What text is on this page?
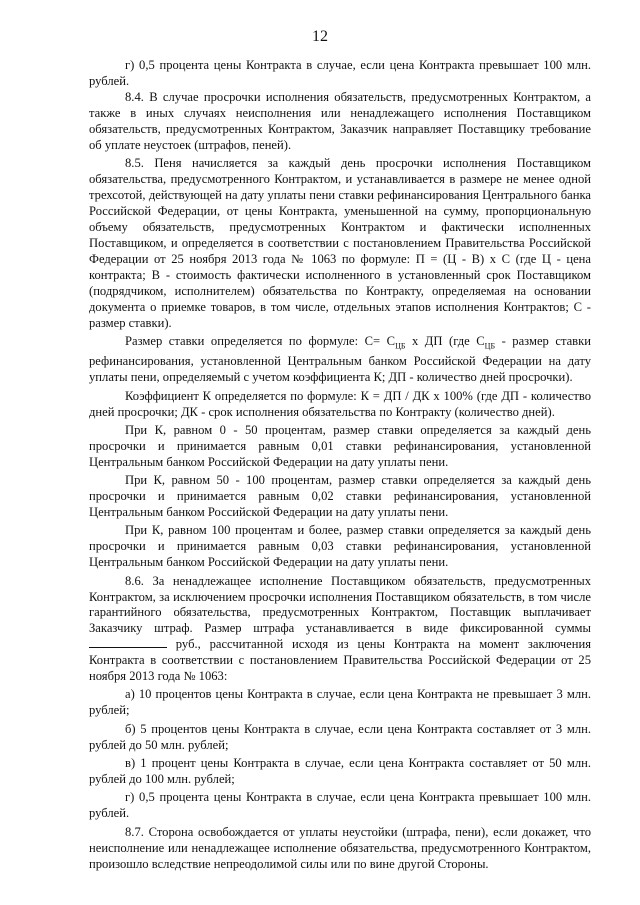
12

г) 0,5 процента цены Контракта в случае, если цена Контракта превышает 100 млн. рублей.

8.4. В случае просрочки исполнения обязательств, предусмотренных Контрактом, а также в иных случаях неисполнения или ненадлежащего исполнения Поставщиком обязательств, предусмотренных Контрактом, Заказчик направляет Поставщику требование об уплате неустоек (штрафов, пеней).

8.5. Пеня начисляется за каждый день просрочки исполнения Поставщиком обязательства, предусмотренного Контрактом, и устанавливается в размере не менее одной трехсотой, действующей на дату уплаты пени ставки рефинансирования Центрального банка Российской Федерации, от цены Контракта, уменьшенной на сумму, пропорциональную объему обязательств, предусмотренных Контрактом и фактически исполненных Поставщиком, и определяется в соответствии с постановлением Правительства Российской Федерации от 25 ноября 2013 года № 1063 по формуле: П = (Ц - В) х С (где Ц - цена контракта; В - стоимость фактически исполненного в установленный срок Поставщиком (подрядчиком, исполнителем) обязательства по Контракту, определяемая на основании документа о приемке товаров, в том числе, отдельных этапов исполнения Контрактов; С - размер ставки).

Размер ставки определяется по формуле: $С= С_{ЦБ}$ х ДП (где $С_{ЦБ}$ - размер ставки рефинансирования, установленной Центральным банком Российской Федерации на дату уплаты пени, определяемый с учетом коэффициента К; ДП - количество дней просрочки).

Коэффициент К определяется по формуле: К = ДП / ДК х 100% (где ДП - количество дней просрочки; ДК - срок исполнения обязательства по Контракту (количество дней).

При К, равном 0 - 50 процентам, размер ставки определяется за каждый день просрочки и принимается равным 0,01 ставки рефинансирования, установленной Центральным банком Российской Федерации на дату уплаты пени.

При К, равном 50 - 100 процентам, размер ставки определяется за каждый день просрочки и принимается равным 0,02 ставки рефинансирования, установленной Центральным банком Российской Федерации на дату уплаты пени.

При К, равном 100 процентам и более, размер ставки определяется за каждый день просрочки и принимается равным 0,03 ставки рефинансирования, установленной Центральным банком Российской Федерации на дату уплаты пени.

8.6. За ненадлежащее исполнение Поставщиком обязательств, предусмотренных Контрактом, за исключением просрочки исполнения Поставщиком обязательств, в том числе гарантийного обязательства, предусмотренных Контрактом, Поставщик выплачивает Заказчику штраф. Размер штрафа устанавливается в виде фиксированной суммы  руб., рассчитанной исходя из цены Контракта на момент заключения Контракта в соответствии с постановлением Правительства Российской Федерации от 25 ноября 2013 года № 1063:

а) 10 процентов цены Контракта в случае, если цена Контракта не превышает 3 млн. рублей;

б) 5 процентов цены Контракта в случае, если цена Контракта составляет от 3 млн. рублей до 50 млн. рублей;

в) 1 процент цены Контракта в случае, если цена Контракта составляет от 50 млн. рублей до 100 млн. рублей;

г) 0,5 процента цены Контракта в случае, если цена Контракта превышает 100 млн. рублей.

8.7. Сторона освобождается от уплаты неустойки (штрафа, пени), если докажет, что неисполнение или ненадлежащее исполнение обязательства, предусмотренного Контрактом, произошло вследствие непреодолимой силы или по вине другой Стороны.
